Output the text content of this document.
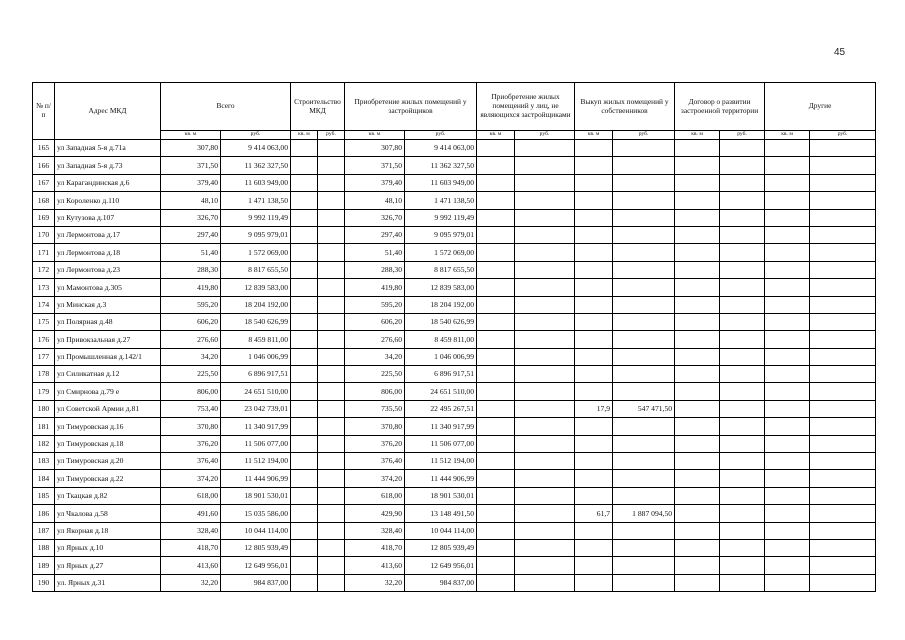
45
№ п/п	Адрес МКД	Всего		Строительство МКД		Приобретение жилых помещений у застройщиков		Приобретение жилых помещений у лиц, не являющихся застройщиками		Выкуп жилых помещений у собственников		Договор о развитии застроенной территории		Другие	
		кв. м	руб.	кв. м	руб.	кв. м	руб.	кв. м	руб.	кв. м	руб.	кв. м	руб.	кв. м	руб.
165	ул Западная 5-я д.71а	307,80	9 414 063,00			307,80	9 414 063,00								
166	ул Западная 5-я д.73	371,50	11 362 327,50			371,50	11 362 327,50								
167	ул Карагандинская д.6	379,40	11 603 949,00			379,40	11 603 949,00								
168	ул Короленко д.110	48,10	1 471 138,50			48,10	1 471 138,50								
169	ул Кутузова д.107	326,70	9 992 119,49			326,70	9 992 119,49								
170	ул Лермонтова д.17	297,40	9 095 979,01			297,40	9 095 979,01								
171	ул Лермонтова д.18	51,40	1 572 069,00			51,40	1 572 069,00								
172	ул Лермонтова д.23	288,30	8 817 655,50			288,30	8 817 655,50								
173	ул Мамонтова д.305	419,80	12 839 583,00			419,80	12 839 583,00								
174	ул Минская д.3	595,20	18 204 192,00			595,20	18 204 192,00								
175	ул Полярная д.48	606,20	18 540 626,99			606,20	18 540 626,99								
176	ул Привокзальная д.27	276,60	8 459 811,00			276,60	8 459 811,00								
177	ул Промышленная д.142/1	34,20	1 046 006,99			34,20	1 046 006,99								
178	ул Силикатная д.12	225,50	6 896 917,51			225,50	6 896 917,51								
179	ул Смирнова д.79 е	806,00	24 651 510,00			806,00	24 651 510,00								
180	ул Советской Армии д.81	753,40	23 042 739,01			735,50	22 495 267,51			17,9	547 471,50				
181	ул Тимуровская д.16	370,80	11 340 917,99			370,80	11 340 917,99								
182	ул Тимуровская д.18	376,20	11 506 077,00			376,20	11 506 077,00								
183	ул Тимуровская д.20	376,40	11 512 194,00			376,40	11 512 194,00								
184	ул Тимуровская д.22	374,20	11 444 906,99			374,20	11 444 906,99								
185	ул Ткацкая д.82	618,00	18 901 530,01			618,00	18 901 530,01								
186	ул Чкалова д.58	491,60	15 035 586,00			429,90	13 148 491,50			61,7	1 887 094,50				
187	ул Якорная д.18	328,40	10 044 114,00			328,40	10 044 114,00								
188	ул Ярных д.10	418,70	12 805 939,49			418,70	12 805 939,49								
189	ул Ярных д.27	413,60	12 649 956,01			413,60	12 649 956,01								
190	ул. Ярных д.31	32,20	984 837,00			32,20	984 837,00								
